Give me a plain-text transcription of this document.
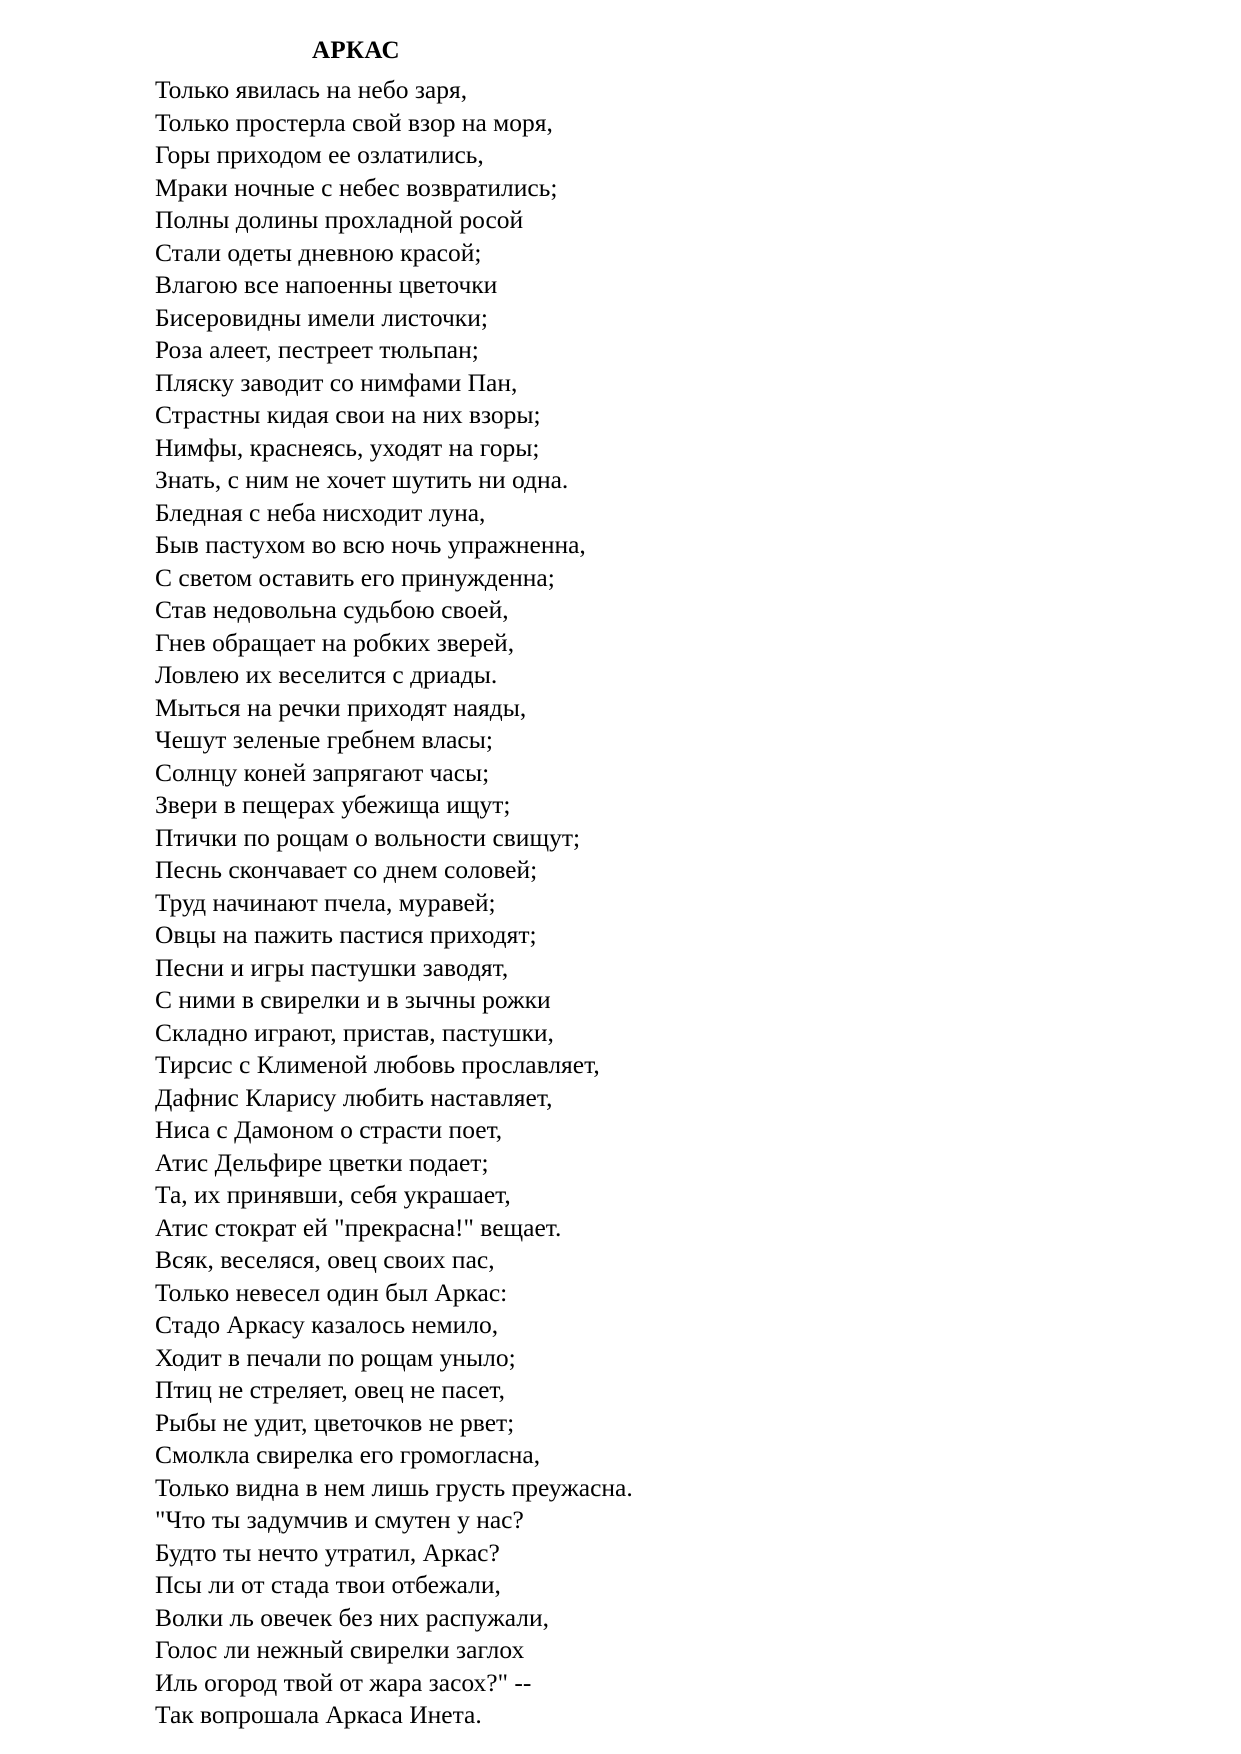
АРКАС
Только явилась на небо заря,
Только простерла свой взор на моря,
Горы приходом ее озлатились,
Мраки ночные с небес возвратились;
Полны долины прохладной росой
Стали одеты дневною красой;
Влагою все напоенны цветочки
Бисеровидны имели листочки;
Роза алеет, пестреет тюльпан;
Пляску заводит со нимфами Пан,
Страстны кидая свои на них взоры;
Нимфы, краснеясь, уходят на горы;
Знать, с ним не хочет шутить ни одна.
Бледная с неба нисходит луна,
Быв пастухом во всю ночь упражненна,
С светом оставить его принужденна;
Став недовольна судьбою своей,
Гнев обращает на робких зверей,
Ловлею их веселится с дриады.
Мыться на речки приходят наяды,
Чешут зеленые гребнем власы;
Солнцу коней запрягают часы;
Звери в пещерах убежища ищут;
Птички по рощам о вольности свищут;
Песнь скончавает со днем соловей;
Труд начинают пчела, муравей;
Овцы на пажить пастися приходят;
Песни и игры пастушки заводят,
С ними в свирелки и в зычны рожки
Складно играют, пристав, пастушки,
Тирсис с Клименой любовь прославляет,
Дафнис Кларису любить наставляет,
Ниса с Дамоном о страсти поет,
Атис Дельфире цветки подает;
Та, их принявши, себя украшает,
Атис стократ ей "прекрасна!" вещает.
Всяк, веселяся, овец своих пас,
Только невесел один был Аркас:
Стадо Аркасу казалось немило,
Ходит в печали по рощам уныло;
Птиц не стреляет, овец не пасет,
Рыбы не удит, цветочков не рвет;
Смолкла свирелка его громогласна,
Только видна в нем лишь грусть преужасна.
"Что ты задумчив и смутен у нас?
Будто ты нечто утратил, Аркас?
Псы ли от стада твои отбежали,
Волки ль овечек без них распужали,
Голос ли нежный свирелки заглох
Иль огород твой от жара засох?" --
Так вопрошала Аркаса Инета.
